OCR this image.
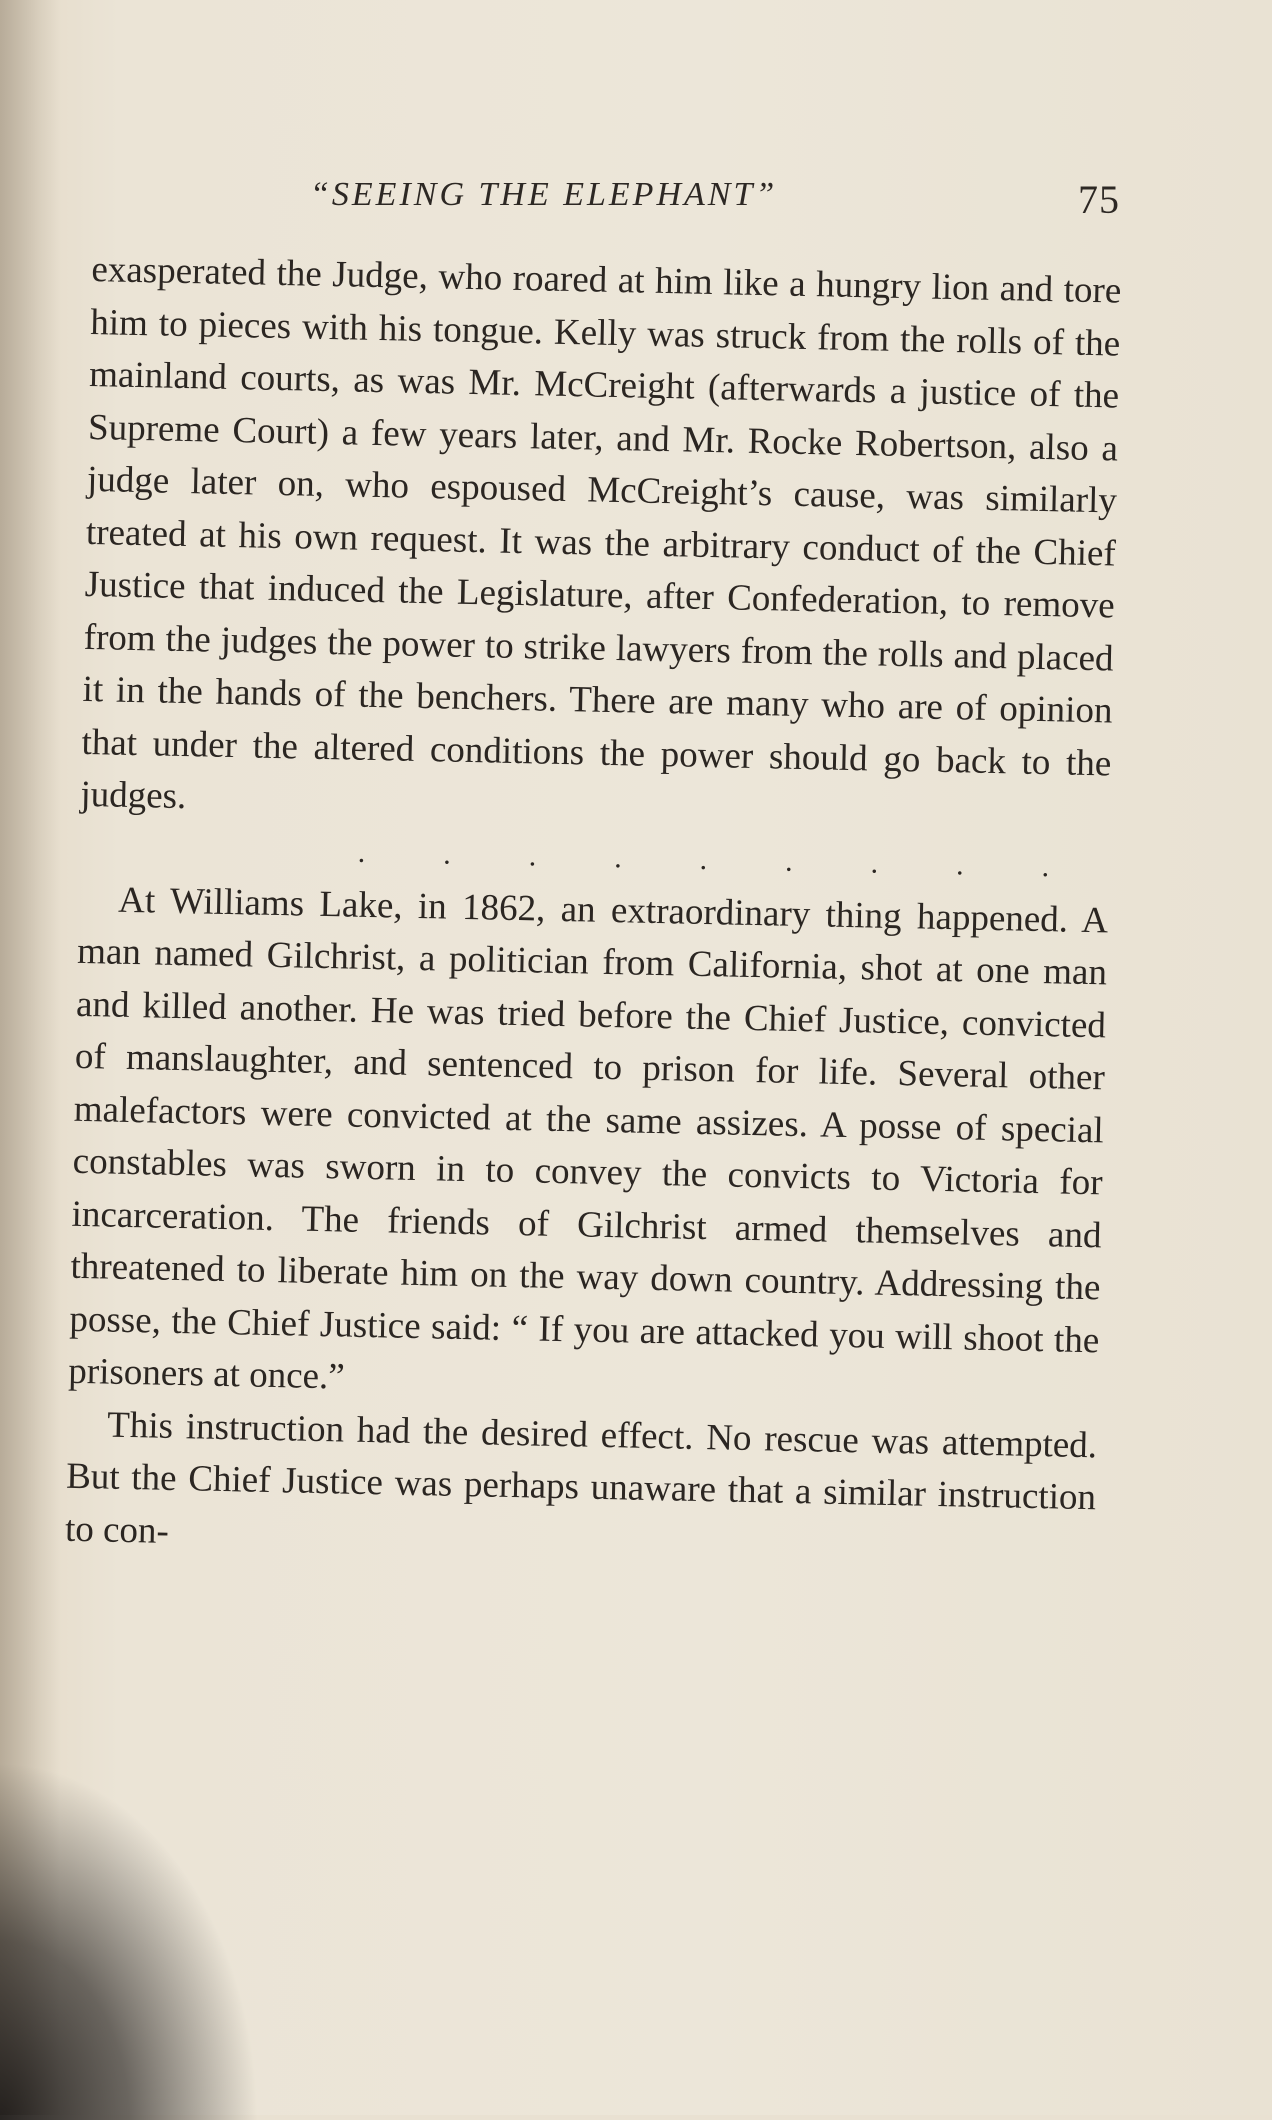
“SEEING THE ELEPHANT”	75

exasperated the Judge, who roared at him like a hungry lion and tore him to pieces with his tongue. Kelly was struck from the rolls of the mainland courts, as was Mr. McCreight (afterwards a justice of the Supreme Court) a few years later, and Mr. Rocke Robertson, also a judge later on, who espoused McCreight’s cause, was similarly treated at his own request. It was the arbitrary conduct of the Chief Justice that induced the Legislature, after Confederation, to remove from the judges the power to strike lawyers from the rolls and placed it in the hands of the benchers. There are many who are of opinion that under the altered conditions the power should go back to the judges.

.	.	.	.	.	.	.	.	.

At Williams Lake, in 1862, an extraordinary thing happened. A man named Gilchrist, a politician from California, shot at one man and killed another. He was tried before the Chief Justice, convicted of manslaughter, and sentenced to prison for life. Several other malefactors were convicted at the same assizes. A posse of special constables was sworn in to convey the convicts to Victoria for incarceration. The friends of Gilchrist armed themselves and threatened to liberate him on the way down country. Addressing the posse, the Chief Justice said: “ If you are attacked you will shoot the prisoners at once.”

This instruction had the desired effect. No rescue was attempted. But the Chief Justice was perhaps unaware that a similar instruction to con-
